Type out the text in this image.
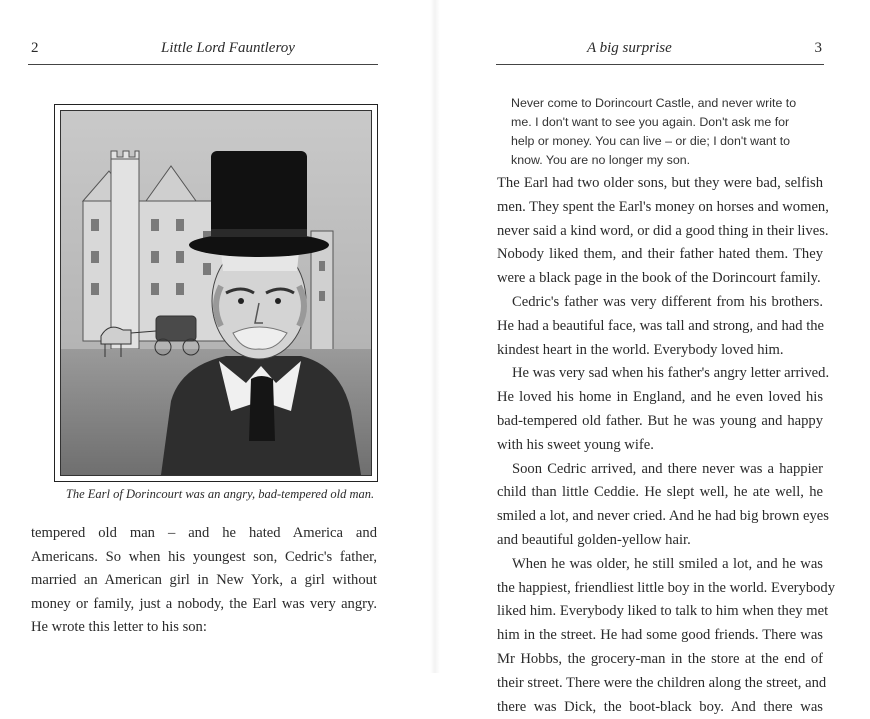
2	Little Lord Fauntleroy
The Earl of Dorincourt was an angry, bad-tempered old man.
tempered old man – and he hated America and
Americans. So when his youngest son, Cedric's father,
married an American girl in New York, a girl without
money or family, just a nobody, the Earl was very angry.
He wrote this letter to his son:
A big surprise	3
Never come to Dorincourt Castle, and never write to
me. I don't want to see you again. Don't ask me for
help or money. You can live – or die; I don't want to
know. You are no longer my son.
The Earl had two older sons, but they were bad, selfish
men. They spent the Earl's money on horses and women,
never said a kind word, or did a good thing in their lives.
Nobody liked them, and their father hated them. They
were a black page in the book of the Dorincourt family.
Cedric's father was very different from his brothers.
He had a beautiful face, was tall and strong, and had the
kindest heart in the world. Everybody loved him.
He was very sad when his father's angry letter arrived.
He loved his home in England, and he even loved his
bad-tempered old father. But he was young and happy
with his sweet young wife.
Soon Cedric arrived, and there never was a happier
child than little Ceddie. He slept well, he ate well, he
smiled a lot, and never cried. And he had big brown eyes
and beautiful golden-yellow hair.
When he was older, he still smiled a lot, and he was
the happiest, friendliest little boy in the world. Everybody
liked him. Everybody liked to talk to him when they met
him in the street. He had some good friends. There was
Mr Hobbs, the grocery-man in the store at the end of
their street. There were the children along the street, and
there was Dick, the boot-black boy. And there was
